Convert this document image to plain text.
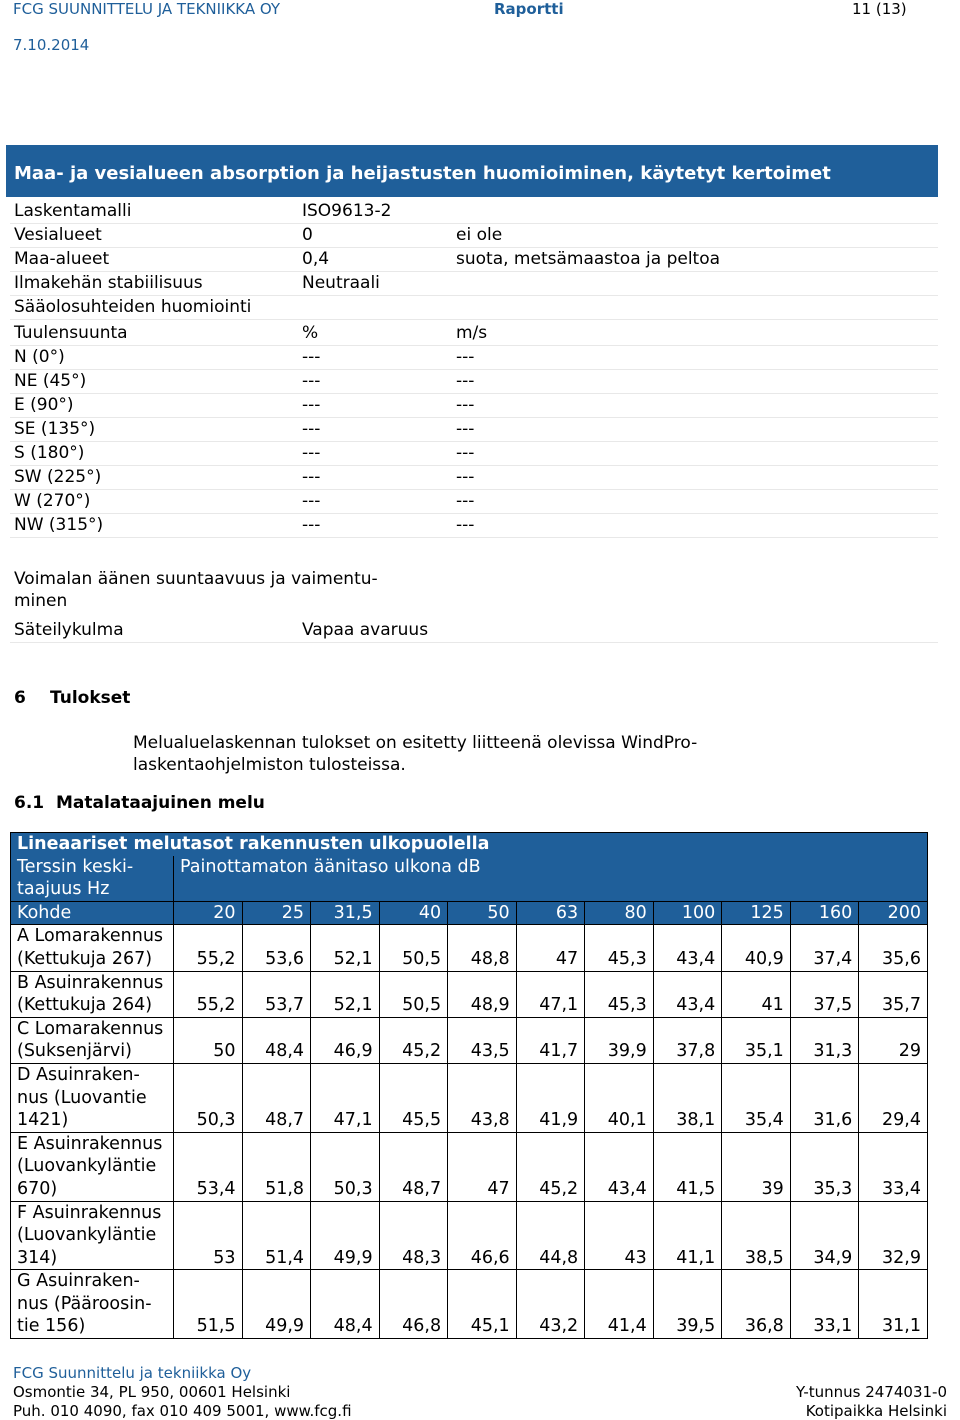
FCG SUUNNITTELU JA TEKNIIKKA OY	Raportti	11 (13)
7.10.2014
Maa- ja vesialueen absorption ja heijastusten huomioiminen, käytetyt kertoimet
Laskentamalli	ISO9613-2
Vesialueet	0	ei ole
Maa-alueet	0,4	suota, metsämaastoa ja peltoa
Ilmakehän stabiilisuus	Neutraali
Sääolosuhteiden huomiointi
Tuulensuunta	%	m/s
N (0°)	---	---
NE (45°)	---	---
E (90°)	---	---
SE (135°)	---	---
S (180°)	---	---
SW (225°)	---	---
W (270°)	---	---
NW (315°)	---	---
Voimalan äänen suuntaavuus ja vaimentu-
minen
Säteilykulma	Vapaa avaruus
6 Tulokset
Melualuelaskennan tulokset on esitetty liitteenä olevissa WindPro-
laskentaohjelmiston tulosteissa.
6.1  Matalataajuinen melu
Lineaariset melutasot rakennusten ulkopuolella											

Terssin keski-
taajuus Hz	Painottamaton äänitaso ulkona dB										
Kohde	20	25	31,5	40	50	63	80	100	125	160	200

A Lomarakennus
(Kettukuja 267)	55,2	53,6	52,1	50,5	48,8	47	45,3	43,4	40,9	37,4	35,6

B Asuinrakennus
(Kettukuja 264)	55,2	53,7	52,1	50,5	48,9	47,1	45,3	43,4	41	37,5	35,7

C Lomarakennus
(Suksenjärvi)	50	48,4	46,9	45,2	43,5	41,7	39,9	37,8	35,1	31,3	29

D Asuinraken-
nus (Luovantie
1421)	50,3	48,7	47,1	45,5	43,8	41,9	40,1	38,1	35,4	31,6	29,4

E Asuinrakennus
(Luovankyläntie
670)	53,4	51,8	50,3	48,7	47	45,2	43,4	41,5	39	35,3	33,4

F Asuinrakennus
(Luovankyläntie
314)	53	51,4	49,9	48,3	46,6	44,8	43	41,1	38,5	34,9	32,9

G Asuinraken-
nus (Pääroosin-
tie 156)	51,5	49,9	48,4	46,8	45,1	43,2	41,4	39,5	36,8	33,1	31,1
FCG Suunnittelu ja tekniikka Oy
Osmontie 34, PL 950, 00601 Helsinki
Puh. 010 4090, fax 010 409 5001, www.fcg.fi
Y-tunnus 2474031-0
Kotipaikka Helsinki
